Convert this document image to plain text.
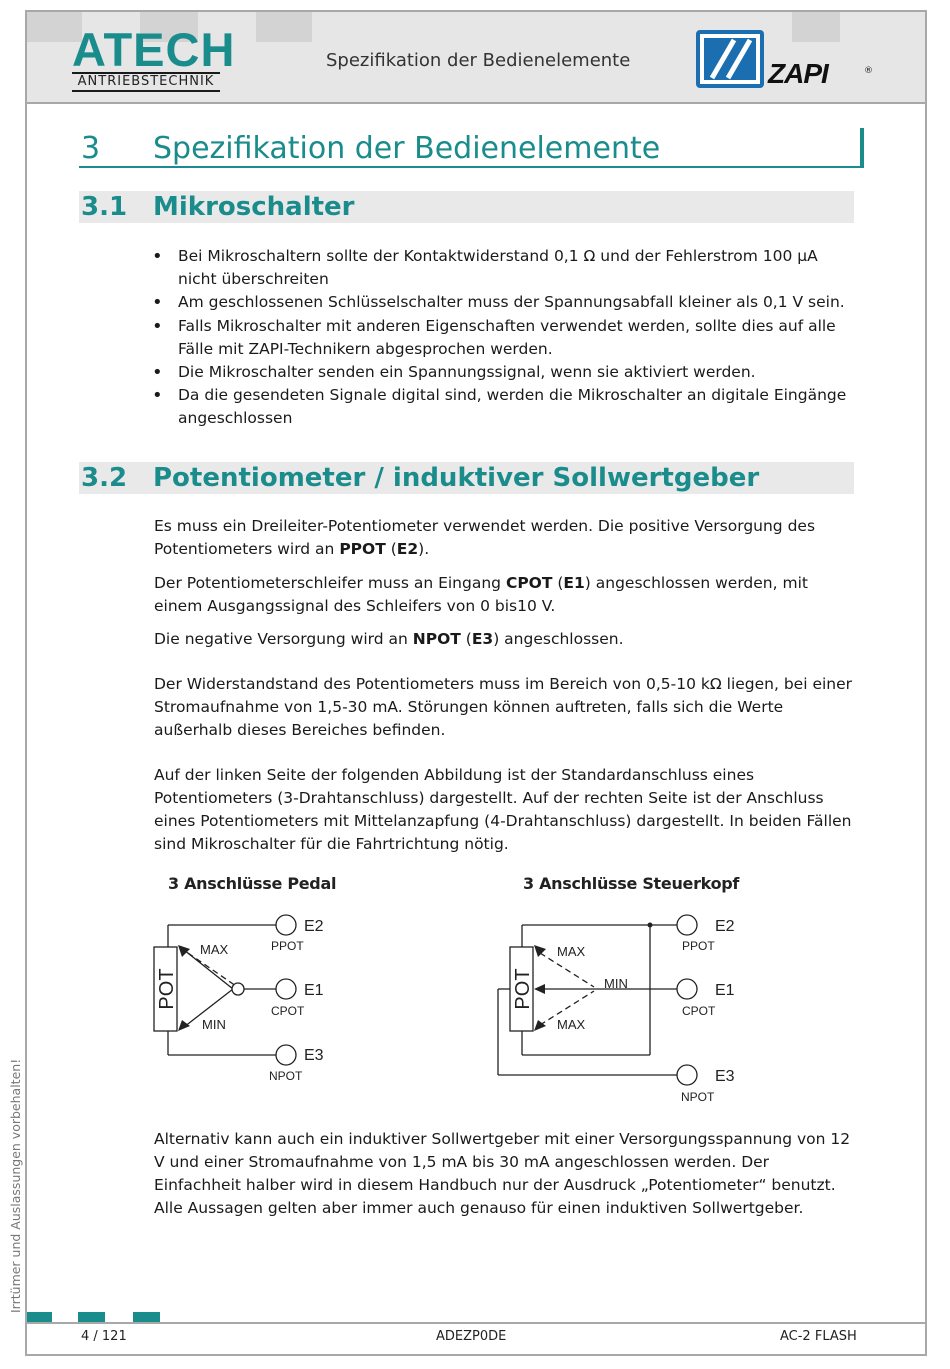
ATECH
ANTRIEBSTECHNIK
Spezifikation der Bedienelemente	ZAPI	®
3 Spezifikation der Bedienelemente
3.1 Mikroschalter
• Bei Mikroschaltern sollte der Kontaktwiderstand 0,1 Ω und der Fehlerstrom 100 µA nicht überschreiten
• Am geschlossenen Schlüsselschalter muss der Spannungsabfall kleiner als 0,1 V sein.
• Falls Mikroschalter mit anderen Eigenschaften verwendet werden, sollte dies auf alle Fälle mit ZAPI-Technikern abgesprochen werden.
• Die Mikroschalter senden ein Spannungssignal, wenn sie aktiviert werden.
• Da die gesendeten Signale digital sind, werden die Mikroschalter an digitale Eingänge angeschlossen
3.2 Potentiometer / induktiver Sollwertgeber
Es muss ein Dreileiter-Potentiometer verwendet werden. Die positive Versorgung des Potentiometers wird an PPOT (E2).
Der Potentiometerschleifer muss an Eingang CPOT (E1) angeschlossen werden, mit einem Ausgangssignal des Schleifers von 0 bis10 V.
Die negative Versorgung wird an NPOT (E3) angeschlossen.
Der Widerstandstand des Potentiometers muss im Bereich von 0,5-10 kΩ liegen, bei einer Stromaufnahme von 1,5-30 mA. Störungen können auftreten, falls sich die Werte außerhalb dieses Bereiches befinden.
Auf der linken Seite der folgenden Abbildung ist der Standardanschluss eines Potentiometers (3-Drahtanschluss) dargestellt. Auf der rechten Seite ist der Anschluss eines Potentiometers mit Mittelanzapfung (4-Drahtanschluss) dargestellt. In beiden Fällen sind Mikroschalter für die Fahrtrichtung nötig.
3 Anschlüsse Pedal	3 Anschlüsse Steuerkopf
POT
MAX
MIN
E2
PPOT
E1
CPOT
E3
NPOT
POT
MAX
MIN
MAX
E2
PPOT
E1
CPOT
E3
NPOT
Alternativ kann auch ein induktiver Sollwertgeber mit einer Versorgungsspannung von 12 V und einer Stromaufnahme von 1,5 mA bis 30 mA angeschlossen werden. Der Einfachheit halber wird in diesem Handbuch nur der Ausdruck „Potentiometer“ benutzt. Alle Aussagen gelten aber immer auch genauso für einen induktiven Sollwertgeber.
Irrtümer und Auslassungen vorbehalten!
4 / 121	ADEZP0DE	AC-2 FLASH
